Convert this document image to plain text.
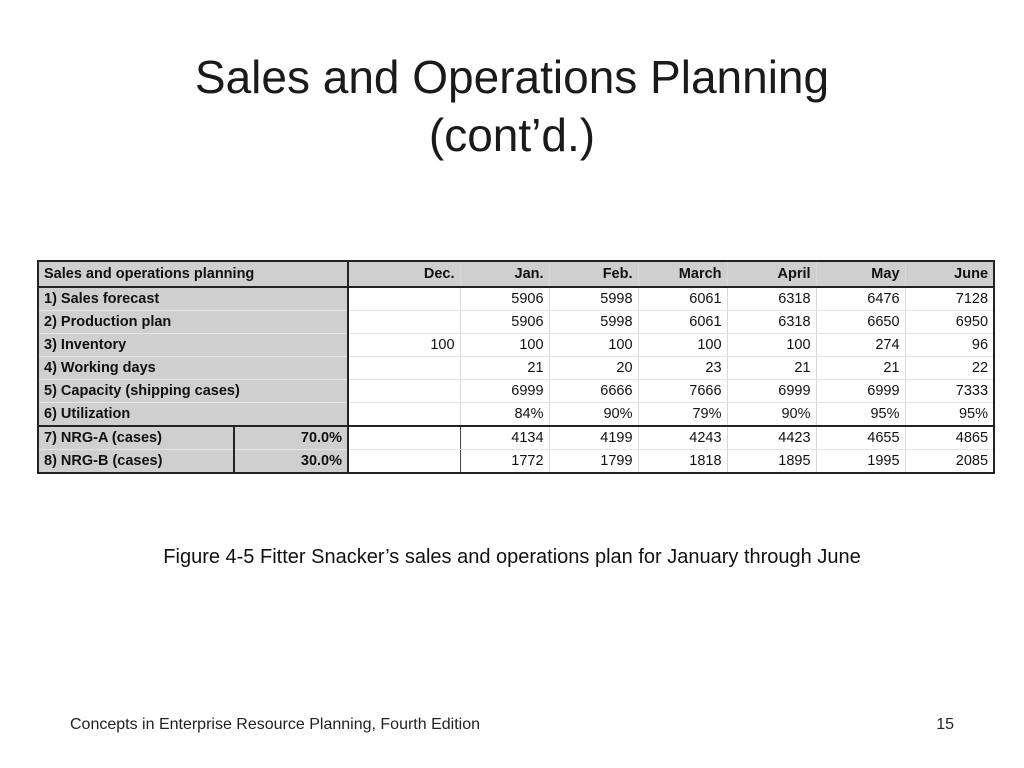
Sales and Operations Planning
(cont’d.)
Sales and operations planning		Dec.	Jan.	Feb.	March	April	May	June
1) Sales forecast			5906	5998	6061	6318	6476	7128
2) Production plan			5906	5998	6061	6318	6650	6950
3) Inventory		100	100	100	100	100	274	96
4) Working days			21	20	23	21	21	22
5) Capacity (shipping cases)			6999	6666	7666	6999	6999	7333
6) Utilization			84%	90%	79%	90%	95%	95%
7) NRG-A (cases)	70.0%		4134	4199	4243	4423	4655	4865
8) NRG-B (cases)	30.0%		1772	1799	1818	1895	1995	2085
Figure 4-5 Fitter Snacker’s sales and operations plan for January through June
Concepts in Enterprise Resource Planning, Fourth Edition	15
